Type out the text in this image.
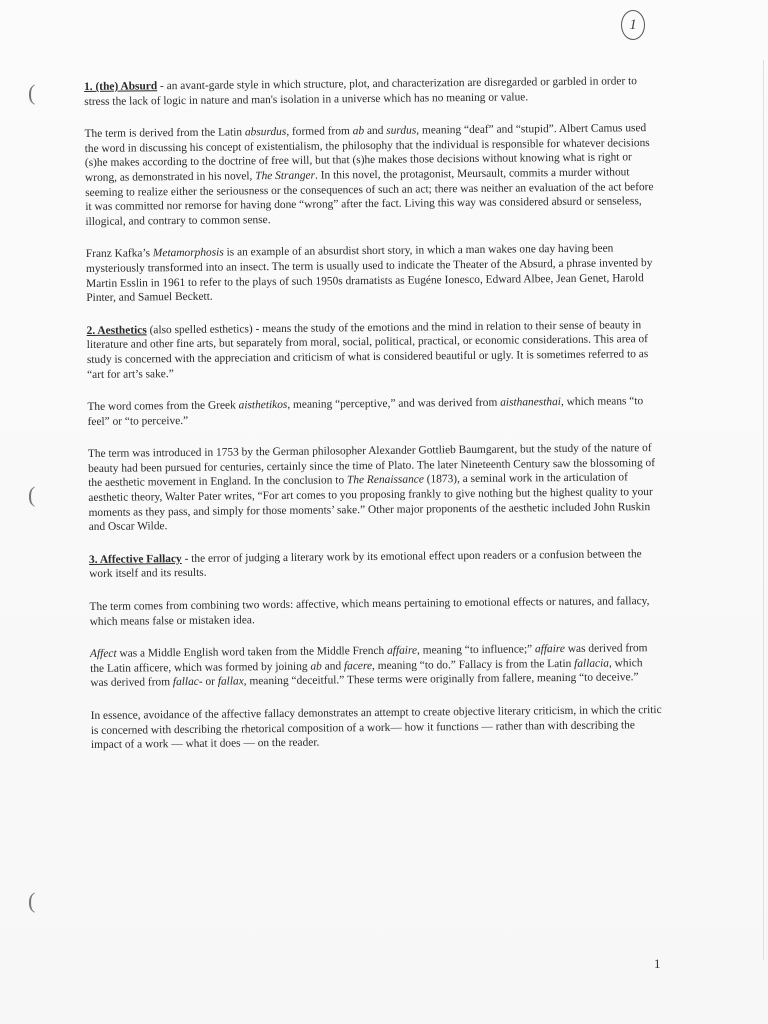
1
(
(
(

1. (the) Absurd - an avant-garde style in which structure, plot, and characterization are disregarded or garbled in order to stress the lack of logic in nature and man's isolation in a universe which has no meaning or value.

The term is derived from the Latin absurdus, formed from ab and surdus, meaning “deaf” and “stupid”. Albert Camus used the word in discussing his concept of existentialism, the philosophy that the individual is responsible for whatever decisions (s)he makes according to the doctrine of free will, but that (s)he makes those decisions without knowing what is right or wrong, as demonstrated in his novel, The Stranger. In this novel, the protagonist, Meursault, commits a murder without seeming to realize either the seriousness or the consequences of such an act; there was neither an evaluation of the act before it was committed nor remorse for having done “wrong” after the fact. Living this way was considered absurd or senseless, illogical, and contrary to common sense.

Franz Kafka’s Metamorphosis is an example of an absurdist short story, in which a man wakes one day having been mysteriously transformed into an insect. The term is usually used to indicate the Theater of the Absurd, a phrase invented by Martin Esslin in 1961 to refer to the plays of such 1950s dramatists as Eugéne Ionesco, Edward Albee, Jean Genet, Harold Pinter, and Samuel Beckett.

2. Aesthetics (also spelled esthetics) - means the study of the emotions and the mind in relation to their sense of beauty in literature and other fine arts, but separately from moral, social, political, practical, or economic considerations. This area of study is concerned with the appreciation and criticism of what is considered beautiful or ugly. It is sometimes referred to as “art for art’s sake.”

The word comes from the Greek aisthetikos, meaning “perceptive,” and was derived from aisthanesthai, which means “to feel” or “to perceive.”

The term was introduced in 1753 by the German philosopher Alexander Gottlieb Baumgarent, but the study of the nature of beauty had been pursued for centuries, certainly since the time of Plato. The later Nineteenth Century saw the blossoming of the aesthetic movement in England. In the conclusion to The Renaissance (1873), a seminal work in the articulation of aesthetic theory, Walter Pater writes, “For art comes to you proposing frankly to give nothing but the highest quality to your moments as they pass, and simply for those moments’ sake.” Other major proponents of the aesthetic included John Ruskin and Oscar Wilde.

3. Affective Fallacy - the error of judging a literary work by its emotional effect upon readers or a confusion between the work itself and its results.

The term comes from combining two words: affective, which means pertaining to emotional effects or natures, and fallacy, which means false or mistaken idea.

Affect was a Middle English word taken from the Middle French affaire, meaning “to influence;” affaire was derived from the Latin afficere, which was formed by joining ab and facere, meaning “to do.” Fallacy is from the Latin fallacia, which was derived from fallac- or fallax, meaning “deceitful.” These terms were originally from fallere, meaning “to deceive.”

In essence, avoidance of the affective fallacy demonstrates an attempt to create objective literary criticism, in which the critic is concerned with describing the rhetorical composition of a work— how it functions — rather than with describing the impact of a work — what it does — on the reader.

1
